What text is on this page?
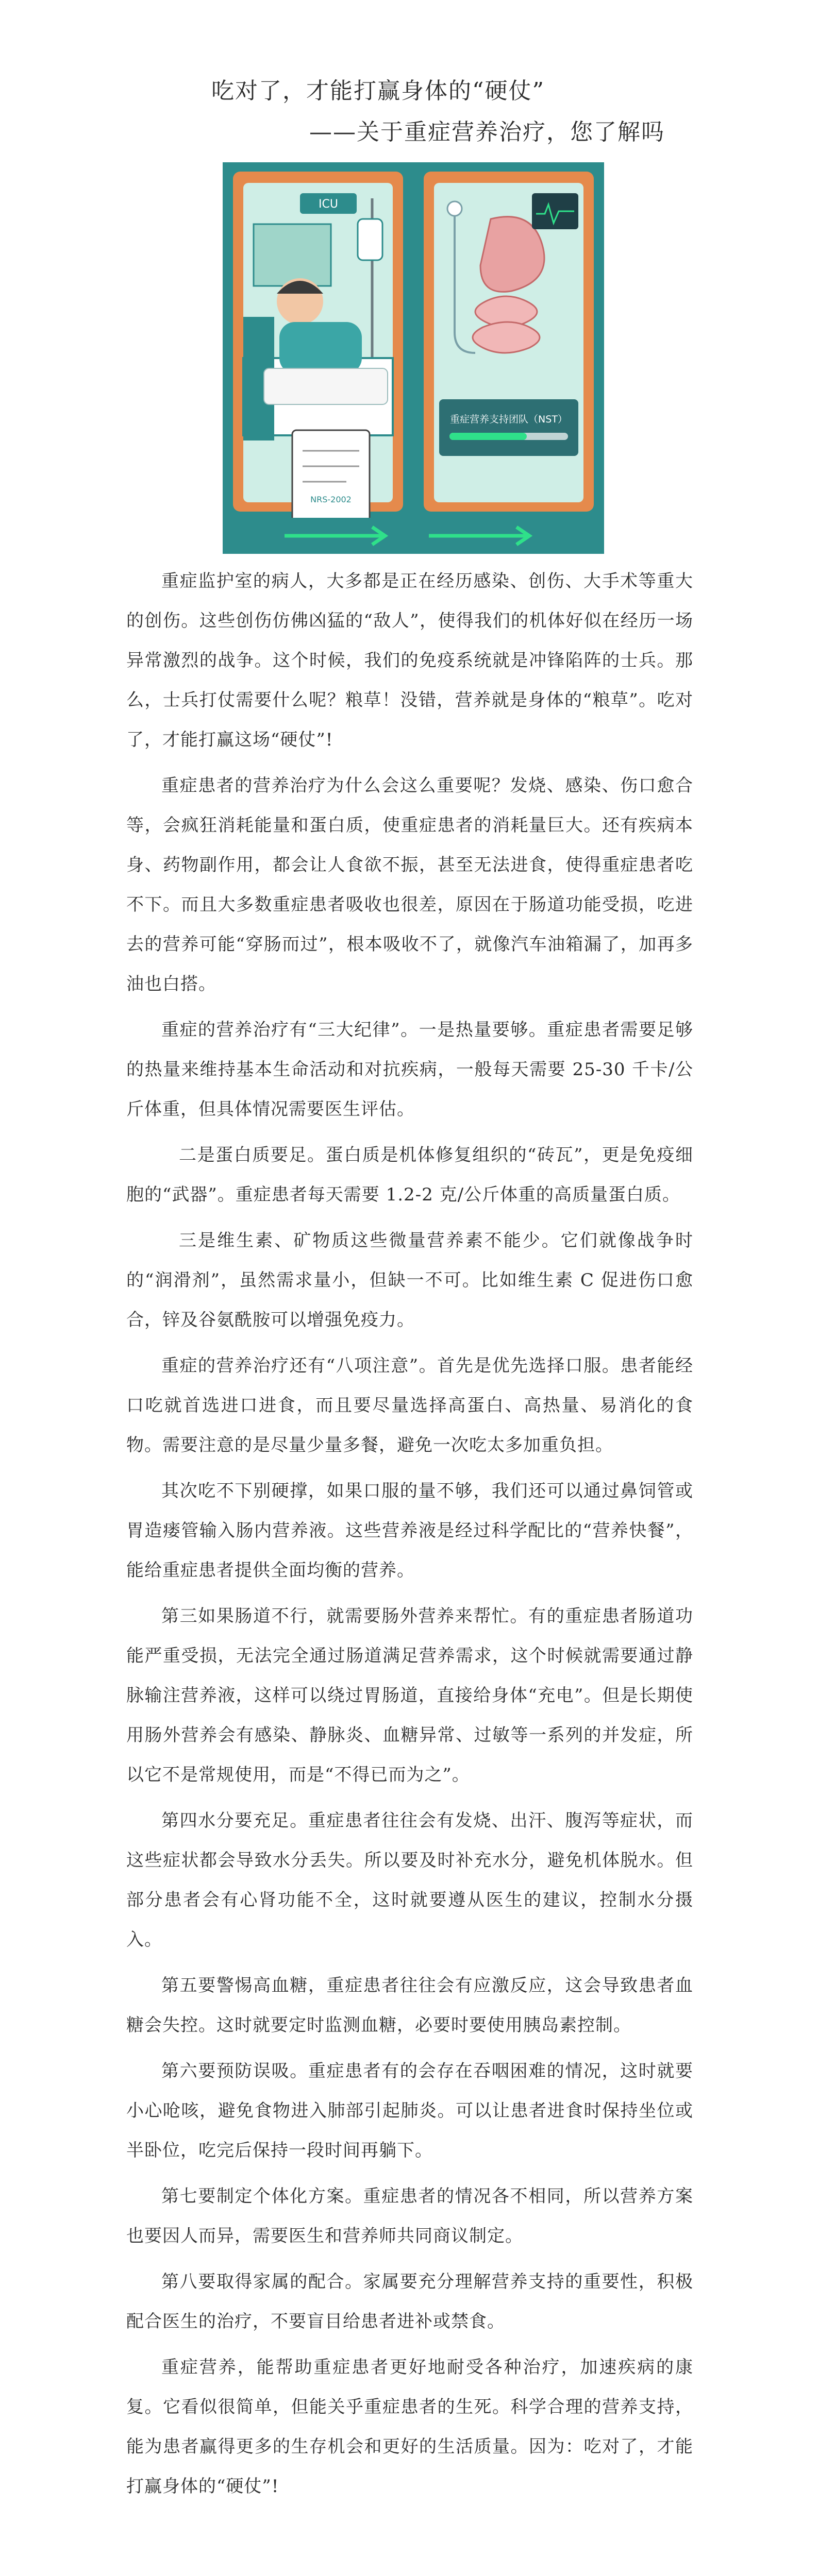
吃对了，才能打赢身体的“硬仗”
——关于重症营养治疗，您了解吗
ICU
NRS-2002
重症营养支持团队（NST）

重症监护室的病人，大多都是正在经历感染、创伤、大手术等重大的创伤。这些创伤仿佛凶猛的“敌人”，使得我们的机体好似在经历一场异常激烈的战争。这个时候，我们的免疫系统就是冲锋陷阵的士兵。那么，士兵打仗需要什么呢？粮草！没错，营养就是身体的“粮草”。吃对了，才能打赢这场“硬仗”!

重症患者的营养治疗为什么会这么重要呢？发烧、感染、伤口愈合等，会疯狂消耗能量和蛋白质，使重症患者的消耗量巨大。还有疾病本身、药物副作用，都会让人食欲不振，甚至无法进食，使得重症患者吃不下。而且大多数重症患者吸收也很差，原因在于肠道功能受损，吃进去的营养可能“穿肠而过”，根本吸收不了，就像汽车油箱漏了，加再多油也白搭。

重症的营养治疗有“三大纪律”。一是热量要够。重症患者需要足够的热量来维持基本生命活动和对抗疾病，一般每天需要 25-30 千卡/公斤体重，但具体情况需要医生评估。

二是蛋白质要足。蛋白质是机体修复组织的“砖瓦”，更是免疫细胞的“武器”。重症患者每天需要 1.2-2 克/公斤体重的高质量蛋白质。

三是维生素、矿物质这些微量营养素不能少。它们就像战争时的“润滑剂”，虽然需求量小，但缺一不可。比如维生素 C 促进伤口愈合，锌及谷氨酰胺可以增强免疫力。

重症的营养治疗还有“八项注意”。首先是优先选择口服。患者能经口吃就首选进口进食，而且要尽量选择高蛋白、高热量、易消化的食物。需要注意的是尽量少量多餐，避免一次吃太多加重负担。

其次吃不下别硬撑，如果口服的量不够，我们还可以通过鼻饲管或胃造瘘管输入肠内营养液。这些营养液是经过科学配比的“营养快餐”，能给重症患者提供全面均衡的营养。

第三如果肠道不行，就需要肠外营养来帮忙。有的重症患者肠道功能严重受损，无法完全通过肠道满足营养需求，这个时候就需要通过静脉输注营养液，这样可以绕过胃肠道，直接给身体“充电”。但是长期使用肠外营养会有感染、静脉炎、血糖异常、过敏等一系列的并发症，所以它不是常规使用，而是“不得已而为之”。

第四水分要充足。重症患者往往会有发烧、出汗、腹泻等症状，而这些症状都会导致水分丢失。所以要及时补充水分，避免机体脱水。但部分患者会有心肾功能不全，这时就要遵从医生的建议，控制水分摄入。

第五要警惕高血糖，重症患者往往会有应激反应，这会导致患者血糖会失控。这时就要定时监测血糖，必要时要使用胰岛素控制。

第六要预防误吸。重症患者有的会存在吞咽困难的情况，这时就要小心呛咳，避免食物进入肺部引起肺炎。可以让患者进食时保持坐位或半卧位，吃完后保持一段时间再躺下。

第七要制定个体化方案。重症患者的情况各不相同，所以营养方案也要因人而异，需要医生和营养师共同商议制定。

第八要取得家属的配合。家属要充分理解营养支持的重要性，积极配合医生的治疗，不要盲目给患者进补或禁食。

重症营养，能帮助重症患者更好地耐受各种治疗，加速疾病的康复。它看似很简单，但能关乎重症患者的生死。科学合理的营养支持，能为患者赢得更多的生存机会和更好的生活质量。因为：吃对了，才能打赢身体的“硬仗”!
